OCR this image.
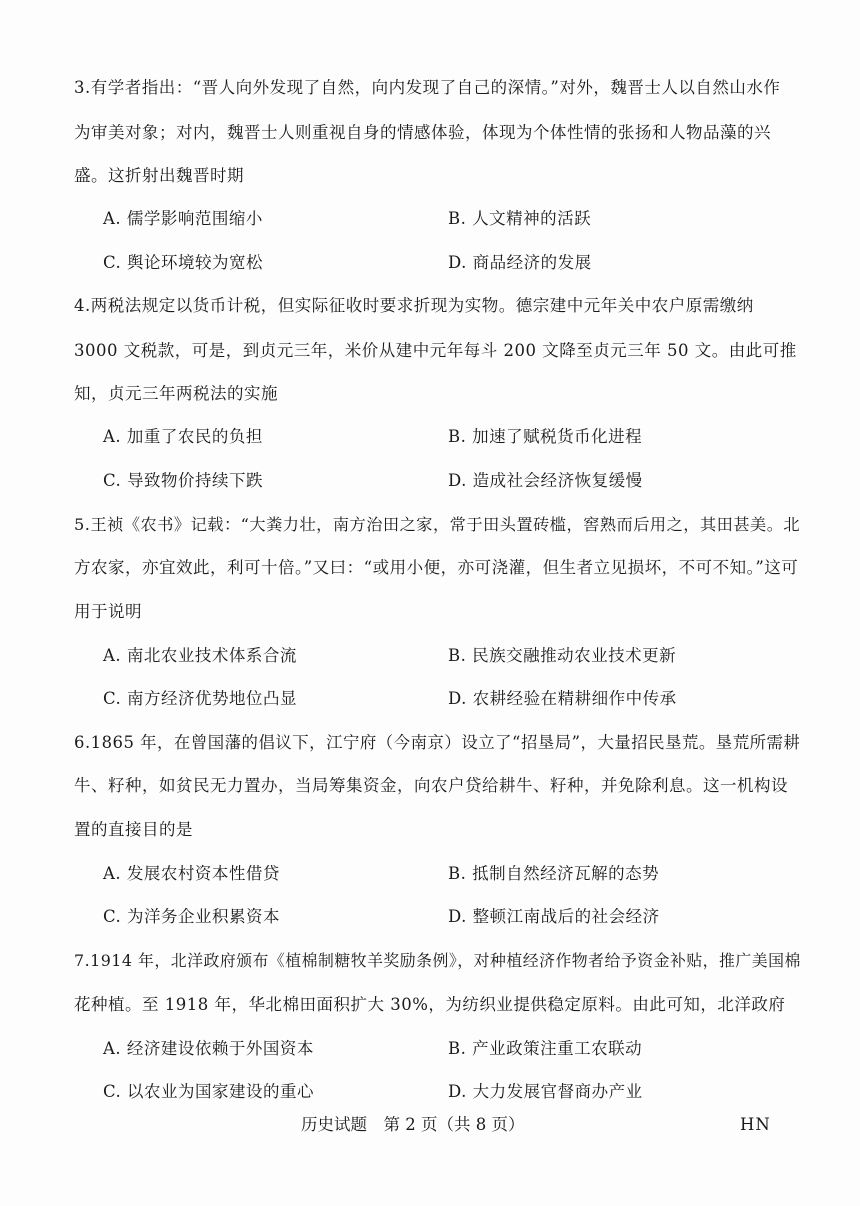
3.有学者指出：“晋人向外发现了自然，向内发现了自己的深情。”对外，魏晋士人以自然山水作
为审美对象；对内，魏晋士人则重视自身的情感体验，体现为个体性情的张扬和人物品藻的兴
盛。这折射出魏晋时期
A. 儒学影响范围缩小	B. 人文精神的活跃
C. 舆论环境较为宽松	D. 商品经济的发展
4.两税法规定以货币计税，但实际征收时要求折现为实物。德宗建中元年关中农户原需缴纳
3000 文税款，可是，到贞元三年，米价从建中元年每斗 200 文降至贞元三年 50 文。由此可推
知，贞元三年两税法的实施
A. 加重了农民的负担	B. 加速了赋税货币化进程
C. 导致物价持续下跌	D. 造成社会经济恢复缓慢
5.王祯《农书》记载：“大粪力壮，南方治田之家，常于田头置砖槛，窖熟而后用之，其田甚美。北
方农家，亦宜效此，利可十倍。”又曰：“或用小便，亦可浇灌，但生者立见损坏，不可不知。”这可
用于说明
A. 南北农业技术体系合流	B. 民族交融推动农业技术更新
C. 南方经济优势地位凸显	D. 农耕经验在精耕细作中传承
6.1865 年，在曾国藩的倡议下，江宁府（今南京）设立了“招垦局”，大量招民垦荒。垦荒所需耕
牛、籽种，如贫民无力置办，当局筹集资金，向农户贷给耕牛、籽种，并免除利息。这一机构设
置的直接目的是
A. 发展农村资本性借贷	B. 抵制自然经济瓦解的态势
C. 为洋务企业积累资本	D. 整顿江南战后的社会经济
7.1914 年，北洋政府颁布《植棉制糖牧羊奖励条例》，对种植经济作物者给予资金补贴，推广美国棉
花种植。至 1918 年，华北棉田面积扩大 30%，为纺织业提供稳定原料。由此可知，北洋政府
A. 经济建设依赖于外国资本	B. 产业政策注重工农联动
C. 以农业为国家建设的重心	D. 大力发展官督商办产业
历史试题　第 2 页（共 8 页）	HN
